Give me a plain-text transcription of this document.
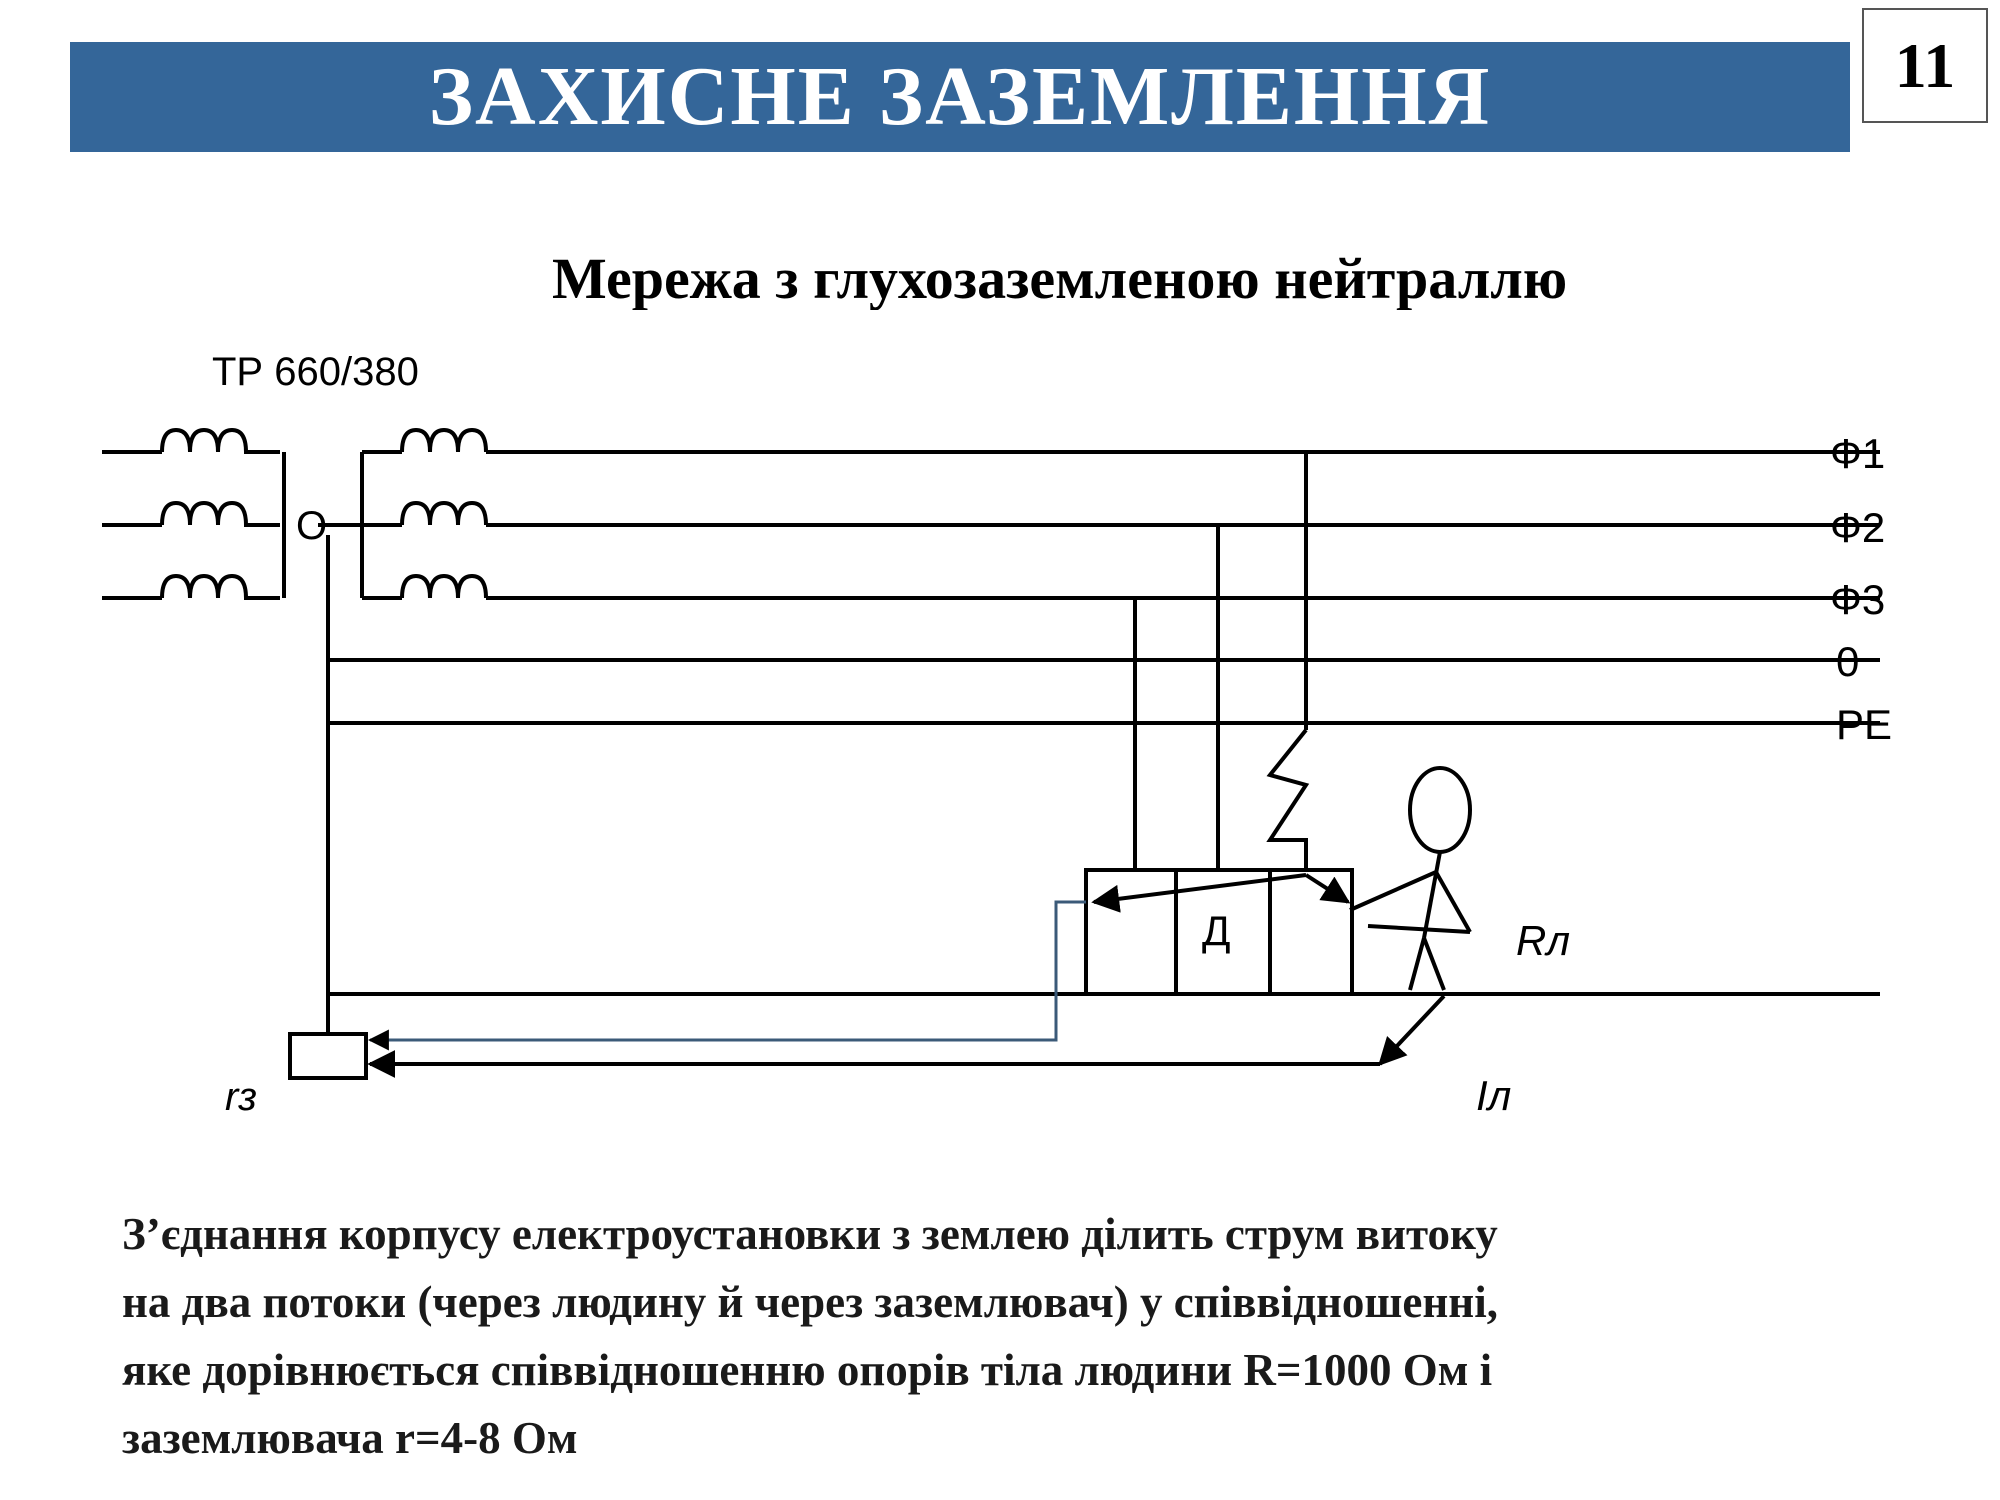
ЗАХИСНЕ ЗАЗЕМЛЕННЯ	11
Мережа з глухозаземленою нейтраллю
ТР 660/380
О
Ф1
Ф2
Ф3
0
PE
Д	Rл
rз	Iл
З’єднання корпусу електроустановки з землею ділить струм витоку
на два потоки (через людину й через заземлювач) у співвідношенні,
яке дорівнюється співвідношенню опорів тіла людини R=1000 Ом і
заземлювача r=4-8 Ом
